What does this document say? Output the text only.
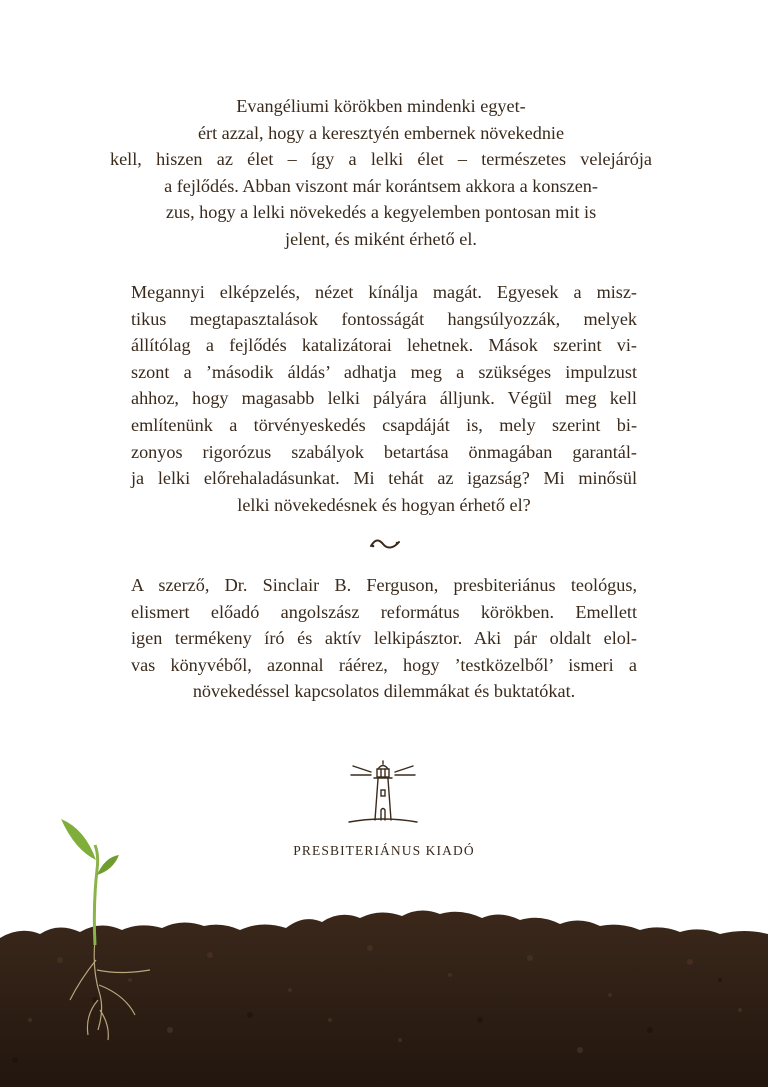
Evangéliumi körökben mindenki egyet-
ért azzal, hogy a keresztyén embernek növekednie
kell, hiszen az élet – így a lelki élet – természetes velejárója
a fejlődés. Abban viszont már korántsem akkora a konszen-
zus, hogy a lelki növekedés a kegyelemben pontosan mit is
jelent, és miként érhető el.
Megannyi elképzelés, nézet kínálja magát. Egyesek a misz-
tikus megtapasztalások fontosságát hangsúlyozzák, melyek
állítólag a fejlődés katalizátorai lehetnek. Mások szerint vi-
szont a ’második áldás’ adhatja meg a szükséges impulzust
ahhoz, hogy magasabb lelki pályára álljunk. Végül meg kell
említenünk a törvényeskedés csapdáját is, mely szerint bi-
zonyos rigorózus szabályok betartása önmagában garantál-
ja lelki előrehaladásunkat. Mi tehát az igazság? Mi minősül
lelki növekedésnek és hogyan érhető el?
A szerző, Dr. Sinclair B. Ferguson, presbiteriánus teológus,
elismert előadó angolszász református körökben. Emellett
igen termékeny író és aktív lelkipásztor. Aki pár oldalt elol-
vas könyvéből, azonnal ráérez, hogy ’testközelből’ ismeri a
növekedéssel kapcsolatos dilemmákat és buktatókat.
PRESBITERIÁNUS KIADÓ
